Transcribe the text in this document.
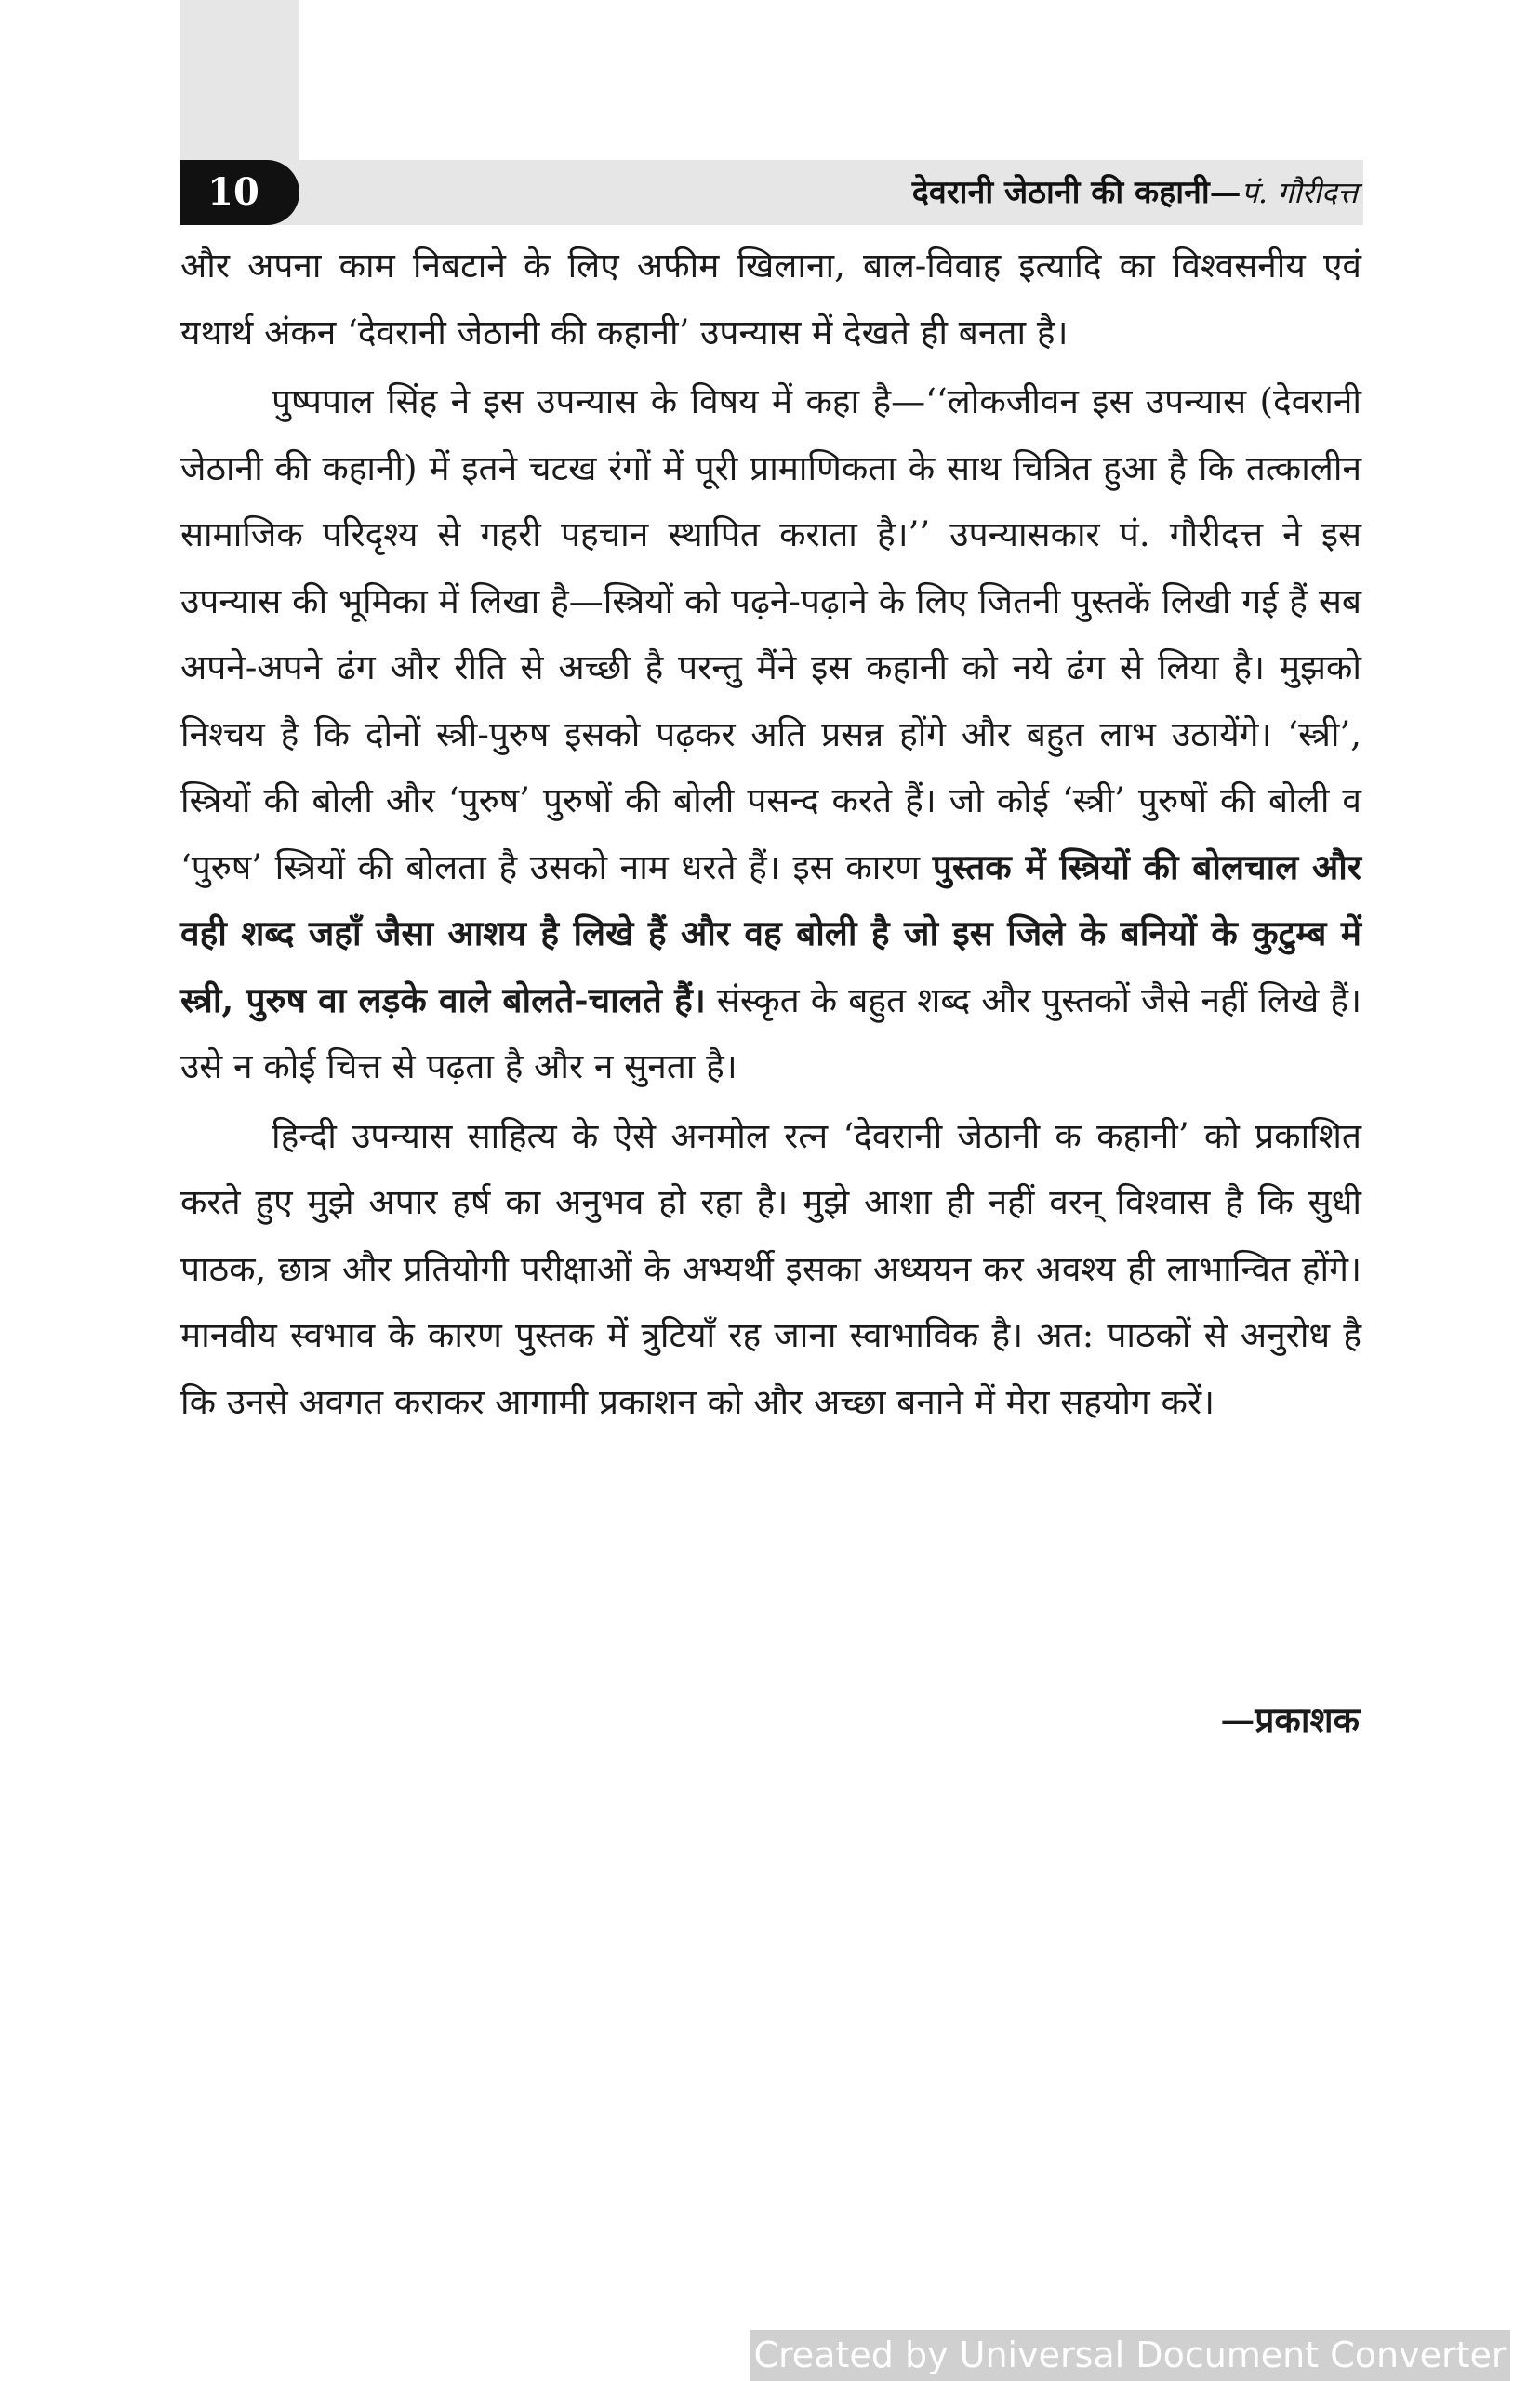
10	देवरानी जेठानी की कहानी—पं. गौरीदत्त

और अपना काम निबटाने के लिए अफीम खिलाना, बाल-विवाह इत्यादि का विश्वसनीय एवं यथार्थ अंकन ‘देवरानी जेठानी की कहानी’ उपन्यास में देखते ही बनता है।

पुष्पपाल सिंह ने इस उपन्यास के विषय में कहा है—‘‘लोकजीवन इस उपन्यास (देवरानी जेठानी की कहानी) में इतने चटख रंगों में पूरी प्रामाणिकता के साथ चित्रित हुआ है कि तत्कालीन सामाजिक परिदृश्य से गहरी पहचान स्थापित कराता है।’’ उपन्यासकार पं. गौरीदत्त ने इस उपन्यास की भूमिका में लिखा है—स्त्रियों को पढ़ने-पढ़ाने के लिए जितनी पुस्तकें लिखी गई हैं सब अपने-अपने ढंग और रीति से अच्छी है परन्तु मैंने इस कहानी को नये ढंग से लिया है। मुझको निश्चय है कि दोनों स्त्री-पुरुष इसको पढ़कर अति प्रसन्न होंगे और बहुत लाभ उठायेंगे। ‘स्त्री’, स्त्रियों की बोली और ‘पुरुष’ पुरुषों की बोली पसन्द करते हैं। जो कोई ‘स्त्री’ पुरुषों की बोली व ‘पुरुष’ स्त्रियों की बोलता है उसको नाम धरते हैं। इस कारण पुस्तक में स्त्रियों की बोलचाल और वही शब्द जहाँ जैसा आशय है लिखे हैं और वह बोली है जो इस जिले के बनियों के कुटुम्ब में स्त्री, पुरुष वा लड़के वाले बोलते-चालते हैं। संस्कृत के बहुत शब्द और पुस्तकों जैसे नहीं लिखे हैं। उसे न कोई चित्त से पढ़ता है और न सुनता है।

हिन्दी उपन्यास साहित्य के ऐसे अनमोल रत्न ‘देवरानी जेठानी क कहानी’ को प्रकाशित करते हुए मुझे अपार हर्ष का अनुभव हो रहा है। मुझे आशा ही नहीं वरन् विश्वास है कि सुधी पाठक, छात्र और प्रतियोगी परीक्षाओं के अभ्यर्थी इसका अध्ययन कर अवश्य ही लाभान्वित होंगे। मानवीय स्वभाव के कारण पुस्तक में त्रुटियाँ रह जाना स्वाभाविक है। अत: पाठकों से अनुरोध है कि उनसे अवगत कराकर आगामी प्रकाशन को और अच्छा बनाने में मेरा सहयोग करें।

—प्रकाशक
Created by Universal Document Converter
